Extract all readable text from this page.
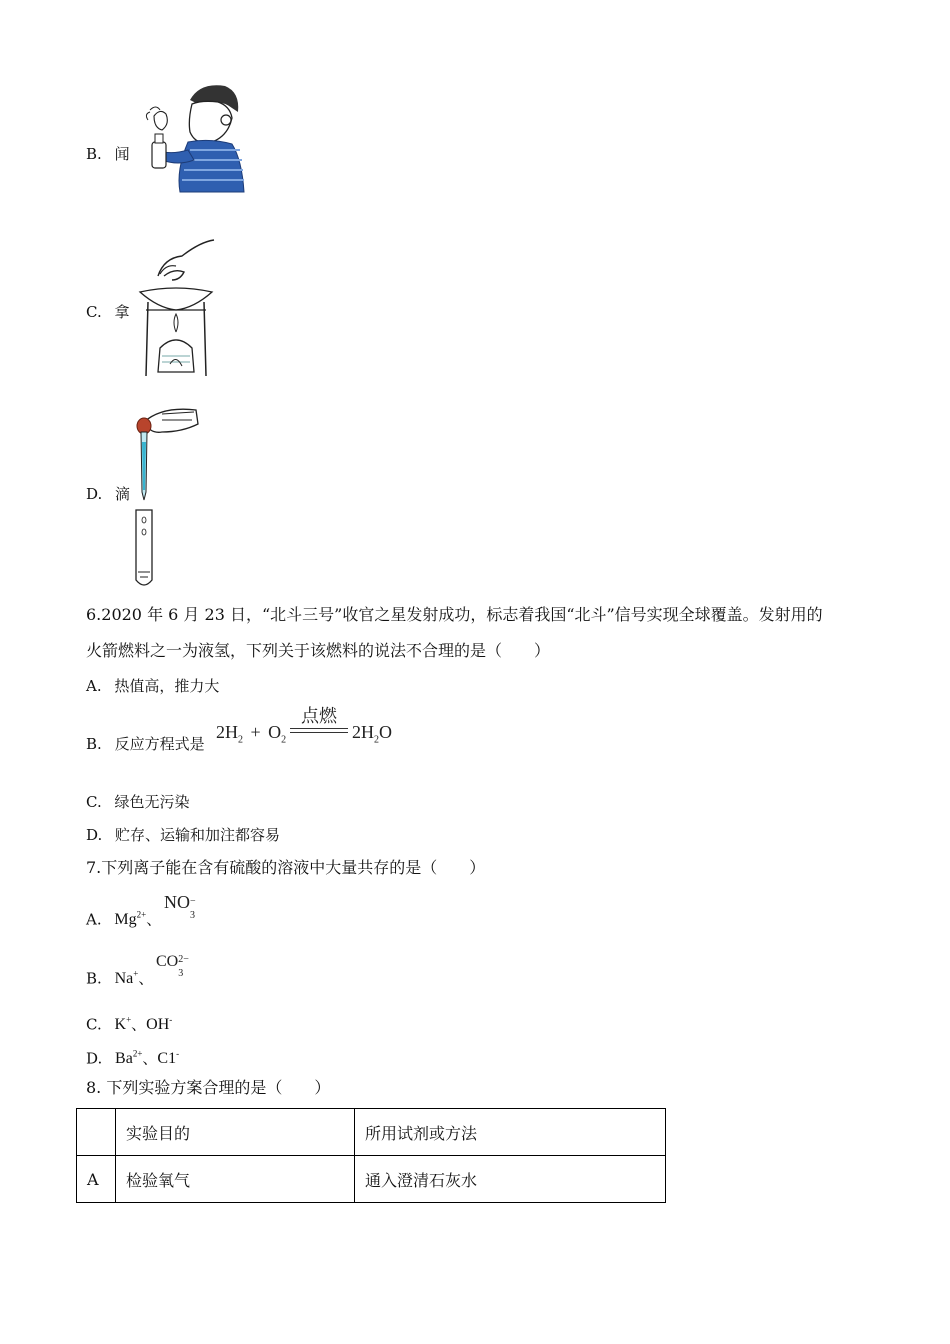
B. 闻
C. 拿
D. 滴
6.2020 年 6 月 23 日，“北斗三号”收官之星发射成功，标志着我国“北斗”信号实现全球覆盖。发射用的
火箭燃料之一为液氢，下列关于该燃料的说法不合理的是（　　）
A. 热值高，推力大
B. 反应方程式是
$2H_2 + O_2$
点燃
$2H_2O$
C. 绿色无污染
D. 贮存、运输和加注都容易
7.下列离子能在含有硫酸的溶液中大量共存的是（　　）
A. $Mg^{2+}$、
NO −
3
B. Na+、
CO 2−
3
C. K+、OH-
D. $Ba^{2+}$、C1-
8. 下列实验方案合理的是（　　）
	实验目的	所用试剂或方法
A	检验氧气	通入澄清石灰水
